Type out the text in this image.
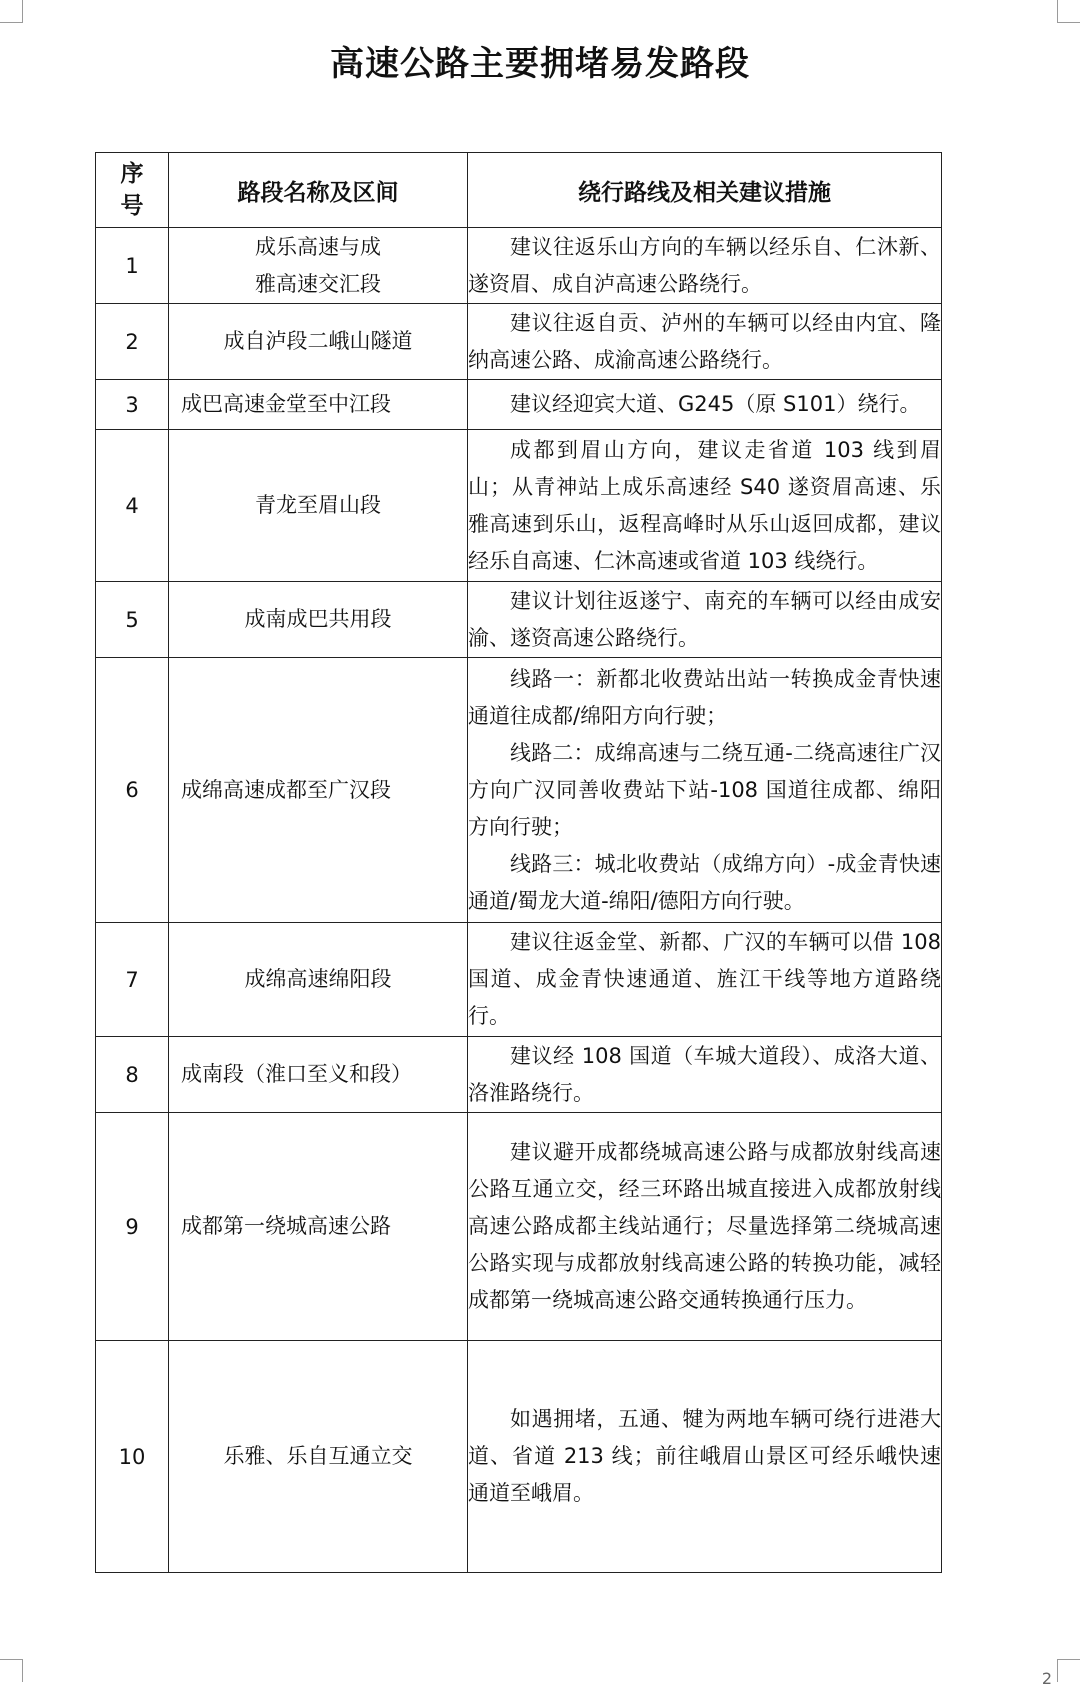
2
高速公路主要拥堵易发路段
序号	路段名称及区间	绕行路线及相关建议措施
1	成乐高速与成雅高速交汇段	建议往返乐山方向的车辆以经乐自、仁沐新、遂资眉、成自泸高速公路绕行。

2	成自泸段二峨山隧道	建议往返自贡、泸州的车辆可以经由内宜、隆纳高速公路、成渝高速公路绕行。

3	成巴高速金堂至中江段	建议经迎宾大道、G245（原 S101）绕行。

4	青龙至眉山段	成都到眉山方向，建议走省道 103 线到眉山；从青神站上成乐高速经 S40 遂资眉高速、乐雅高速到乐山，返程高峰时从乐山返回成都，建议经乐自高速、仁沐高速或省道 103 线绕行。

5	成南成巴共用段	建议计划往返遂宁、南充的车辆可以经由成安渝、遂资高速公路绕行。

6	成绵高速成都至广汉段	线路一：新都北收费站出站一转换成金青快速通道往成都/绵阳方向行驶；

线路二：成绵高速与二绕互通-二绕高速往广汉方向广汉同善收费站下站-108 国道往成都、绵阳方向行驶；

线路三：城北收费站（成绵方向）-成金青快速通道/蜀龙大道-绵阳/德阳方向行驶。

7	成绵高速绵阳段	建议往返金堂、新都、广汉的车辆可以借 108 国道、成金青快速通道、旌江干线等地方道路绕行。

8	成南段（淮口至义和段）	建议经 108 国道（车城大道段）、成洛大道、洛淮路绕行。

9	成都第一绕城高速公路	建议避开成都绕城高速公路与成都放射线高速公路互通立交，经三环路出城直接进入成都放射线高速公路成都主线站通行；尽量选择第二绕城高速公路实现与成都放射线高速公路的转换功能，减轻成都第一绕城高速公路交通转换通行压力。

10	乐雅、乐自互通立交	如遇拥堵，五通、犍为两地车辆可绕行进港大道、省道 213 线；前往峨眉山景区可经乐峨快速通道至峨眉。
